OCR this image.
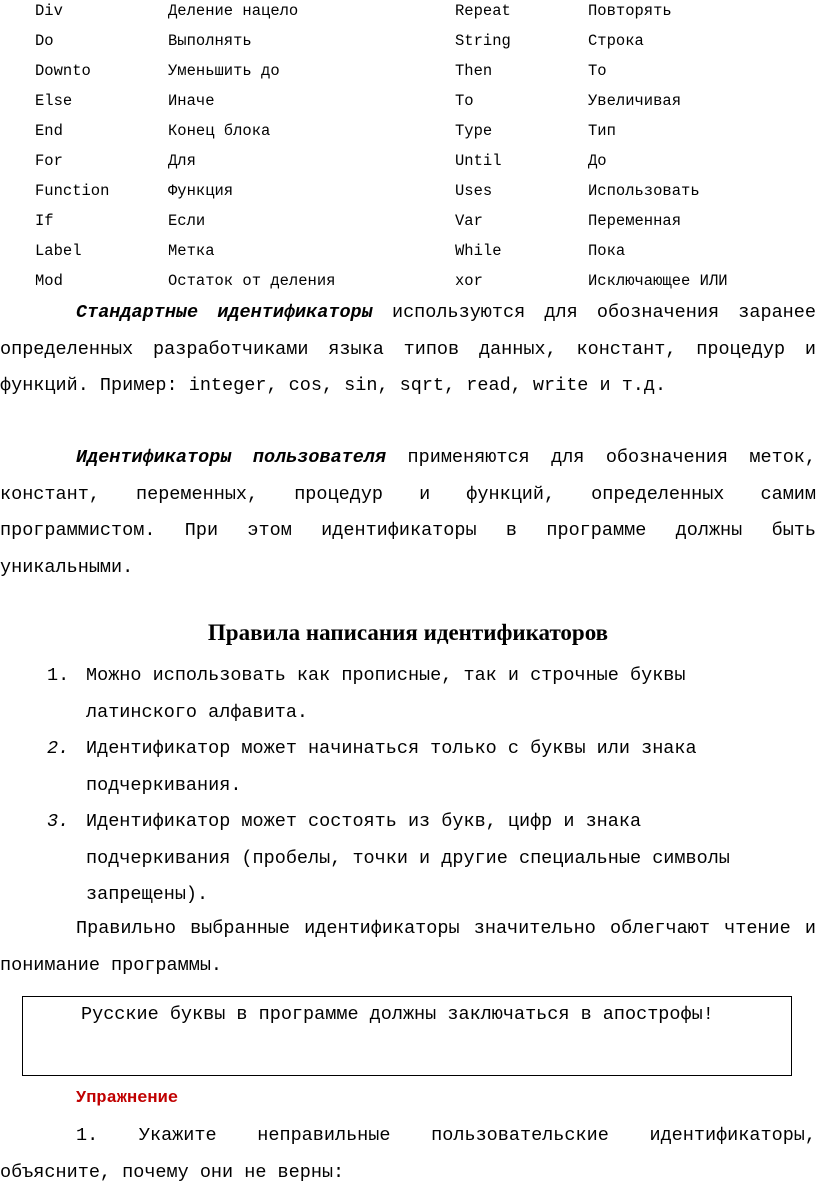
Div	Деление нацело	Repeat	Повторять
Do	Выполнять	String	Строка
Downto	Уменьшить до	Then	То
Else	Иначе	To	Увеличивая
End	Конец блока	Type	Тип
For	Для	Until	До
Function	Функция	Uses	Использовать
If	Если	Var	Переменная
Label	Метка	While	Пока
Mod	Остаток от деления	xor	Исключающее ИЛИ

Стандартные идентификаторы используются для обозначения заранее определенных разработчиками языка типов данных, констант, процедур и функций. Пример: integer, cos, sin, sqrt, read, write и т.д.

Идентификаторы пользователя применяются для обозначения меток, констант, переменных, процедур и функций, определенных самим программистом. При этом идентификаторы в программе должны быть уникальными.

Правила написания идентификаторов
1. Можно использовать как прописные, так и строчные буквы латинского алфавита.
2. Идентификатор может начинаться только с буквы или знака подчеркивания.
3. Идентификатор может состоять из букв, цифр и знака подчеркивания (пробелы, точки и другие специальные символы запрещены).

Правильно выбранные идентификаторы значительно облегчают чтение и понимание программы.

Русские буквы в программе должны заключаться в апострофы!

Упражнение

1. Укажите неправильные пользовательские идентификаторы, объясните, почему они не верны:
